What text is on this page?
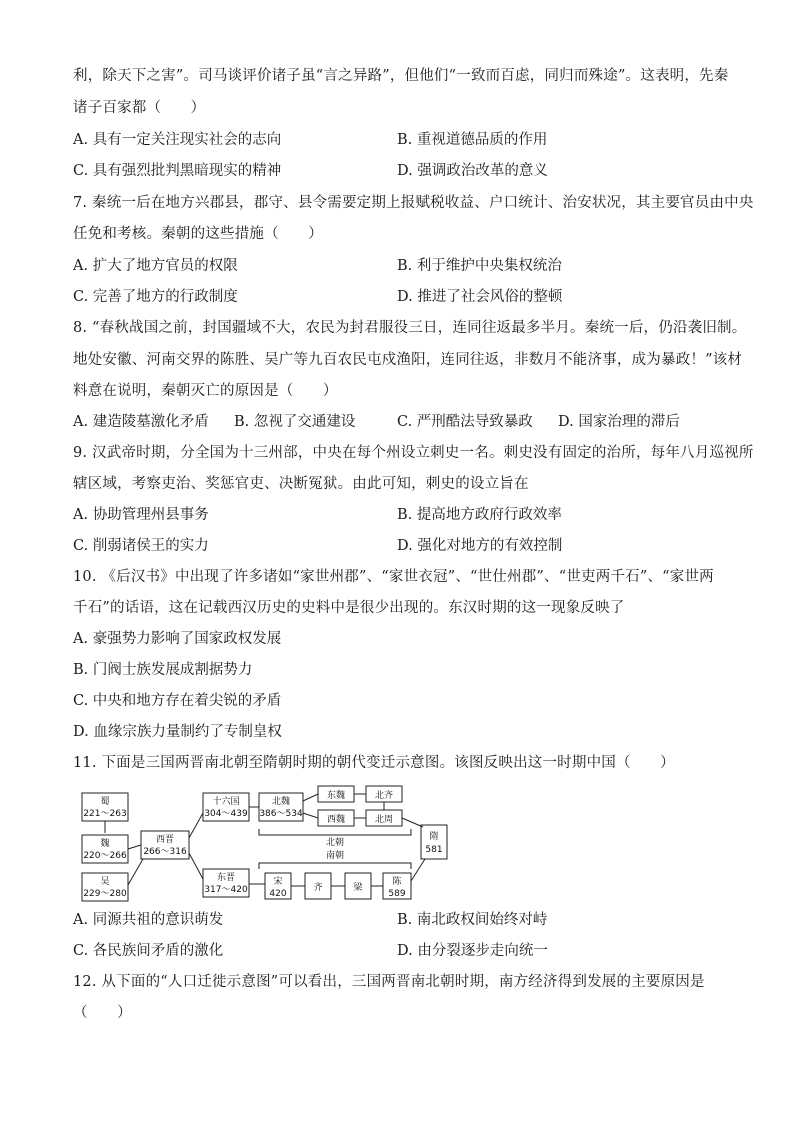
利，除天下之害”。司马谈评价诸子虽“言之异路”，但他们“一致而百虑，同归而殊途”。这表明，先秦
诸子百家都（　　）
A. 具有一定关注现实社会的志向	B. 重视道德品质的作用
C. 具有强烈批判黑暗现实的精神	D. 强调政治改革的意义
7. 秦统一后在地方兴郡县，郡守、县令需要定期上报赋税收益、户口统计、治安状况，其主要官员由中央
任免和考核。秦朝的这些措施（　　）
A. 扩大了地方官员的权限	B. 利于维护中央集权统治
C. 完善了地方的行政制度	D. 推进了社会风俗的整顿
8. “春秋战国之前，封国疆域不大，农民为封君服役三日，连同往返最多半月。秦统一后，仍沿袭旧制。
地处安徽、河南交界的陈胜、吴广等九百农民屯戍渔阳，连同往返，非数月不能济事，成为暴政！”该材
料意在说明，秦朝灭亡的原因是（　　）
A. 建造陵墓激化矛盾 B. 忽视了交通建设	C. 严刑酷法导致暴政 D. 国家治理的滞后
9. 汉武帝时期，分全国为十三州部，中央在每个州设立刺史一名。刺史没有固定的治所，每年八月巡视所
辖区域，考察吏治、奖惩官吏、决断冤狱。由此可知，刺史的设立旨在
A. 协助管理州县事务	B. 提高地方政府行政效率
C. 削弱诸侯王的实力	D. 强化对地方的有效控制
10. 《后汉书》中出现了许多诸如“家世州郡”、“家世衣冠”、“世仕州郡”、“世吏两千石”、“家世两
千石”的话语，这在记载西汉历史的史料中是很少出现的。东汉时期的这一现象反映了
A. 豪强势力影响了国家政权发展
B. 门阀士族发展成割据势力
C. 中央和地方存在着尖锐的矛盾
D. 血缘宗族力量制约了专制皇权
11. 下面是三国两晋南北朝至隋朝时期的朝代变迁示意图。该图反映出这一时期中国（　　）
蜀
221～263
魏
220～266
吴
229～280
西晋
266～316
十六国
304～439
东晋
317～420
北魏
386～534
东魏
西魏
北齐
北周
北朝
南朝
宋
420
齐	梁
陈
589
隋
581
A. 同源共祖的意识萌发	B. 南北政权间始终对峙
C. 各民族间矛盾的激化	D. 由分裂逐步走向统一
12. 从下面的“人口迁徙示意图”可以看出，三国两晋南北朝时期，南方经济得到发展的主要原因是
（　　）
